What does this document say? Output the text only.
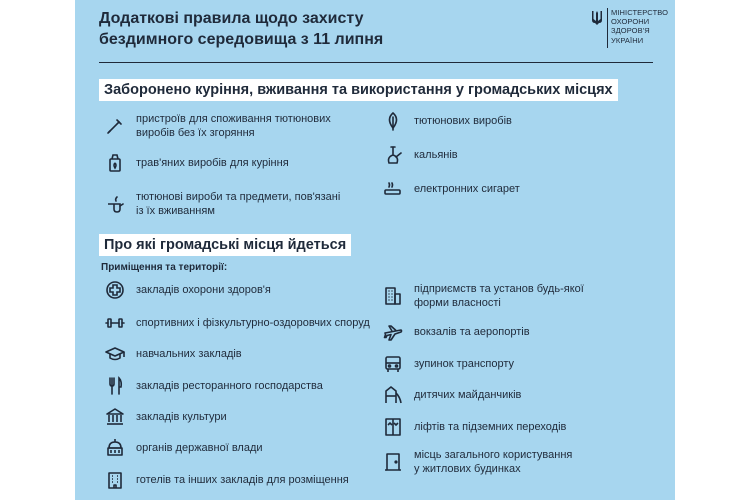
Додаткові правила щодо захисту
бездимного середовища з 11 липня
МІНІСТЕРСТВО
ОХОРОНИ
ЗДОРОВ'Я
УКРАЇНИ
Заборонено куріння, вживання та використання у громадських місцях
пристроїв для споживання тютюнових
виробів без їх згоряння
трав'яних виробів для куріння
тютюнові вироби та предмети, пов'язані
із їх вживанням
тютюнових виробів
кальянів
електронних сигарет
Про які громадські місця йдеться
Приміщення та території:
закладів охорони здоров'я
спортивних і фізкультурно-оздоровчих споруд
навчальних закладів
закладів ресторанного господарства
закладів культури
органів державної влади
готелів та інших закладів для розміщення
підприємств та установ будь-якої
форми власності
вокзалів та аеропортів
зупинок транспорту
дитячих майданчиків
ліфтів та підземних переходів
місць загального користування
у житлових будинках
